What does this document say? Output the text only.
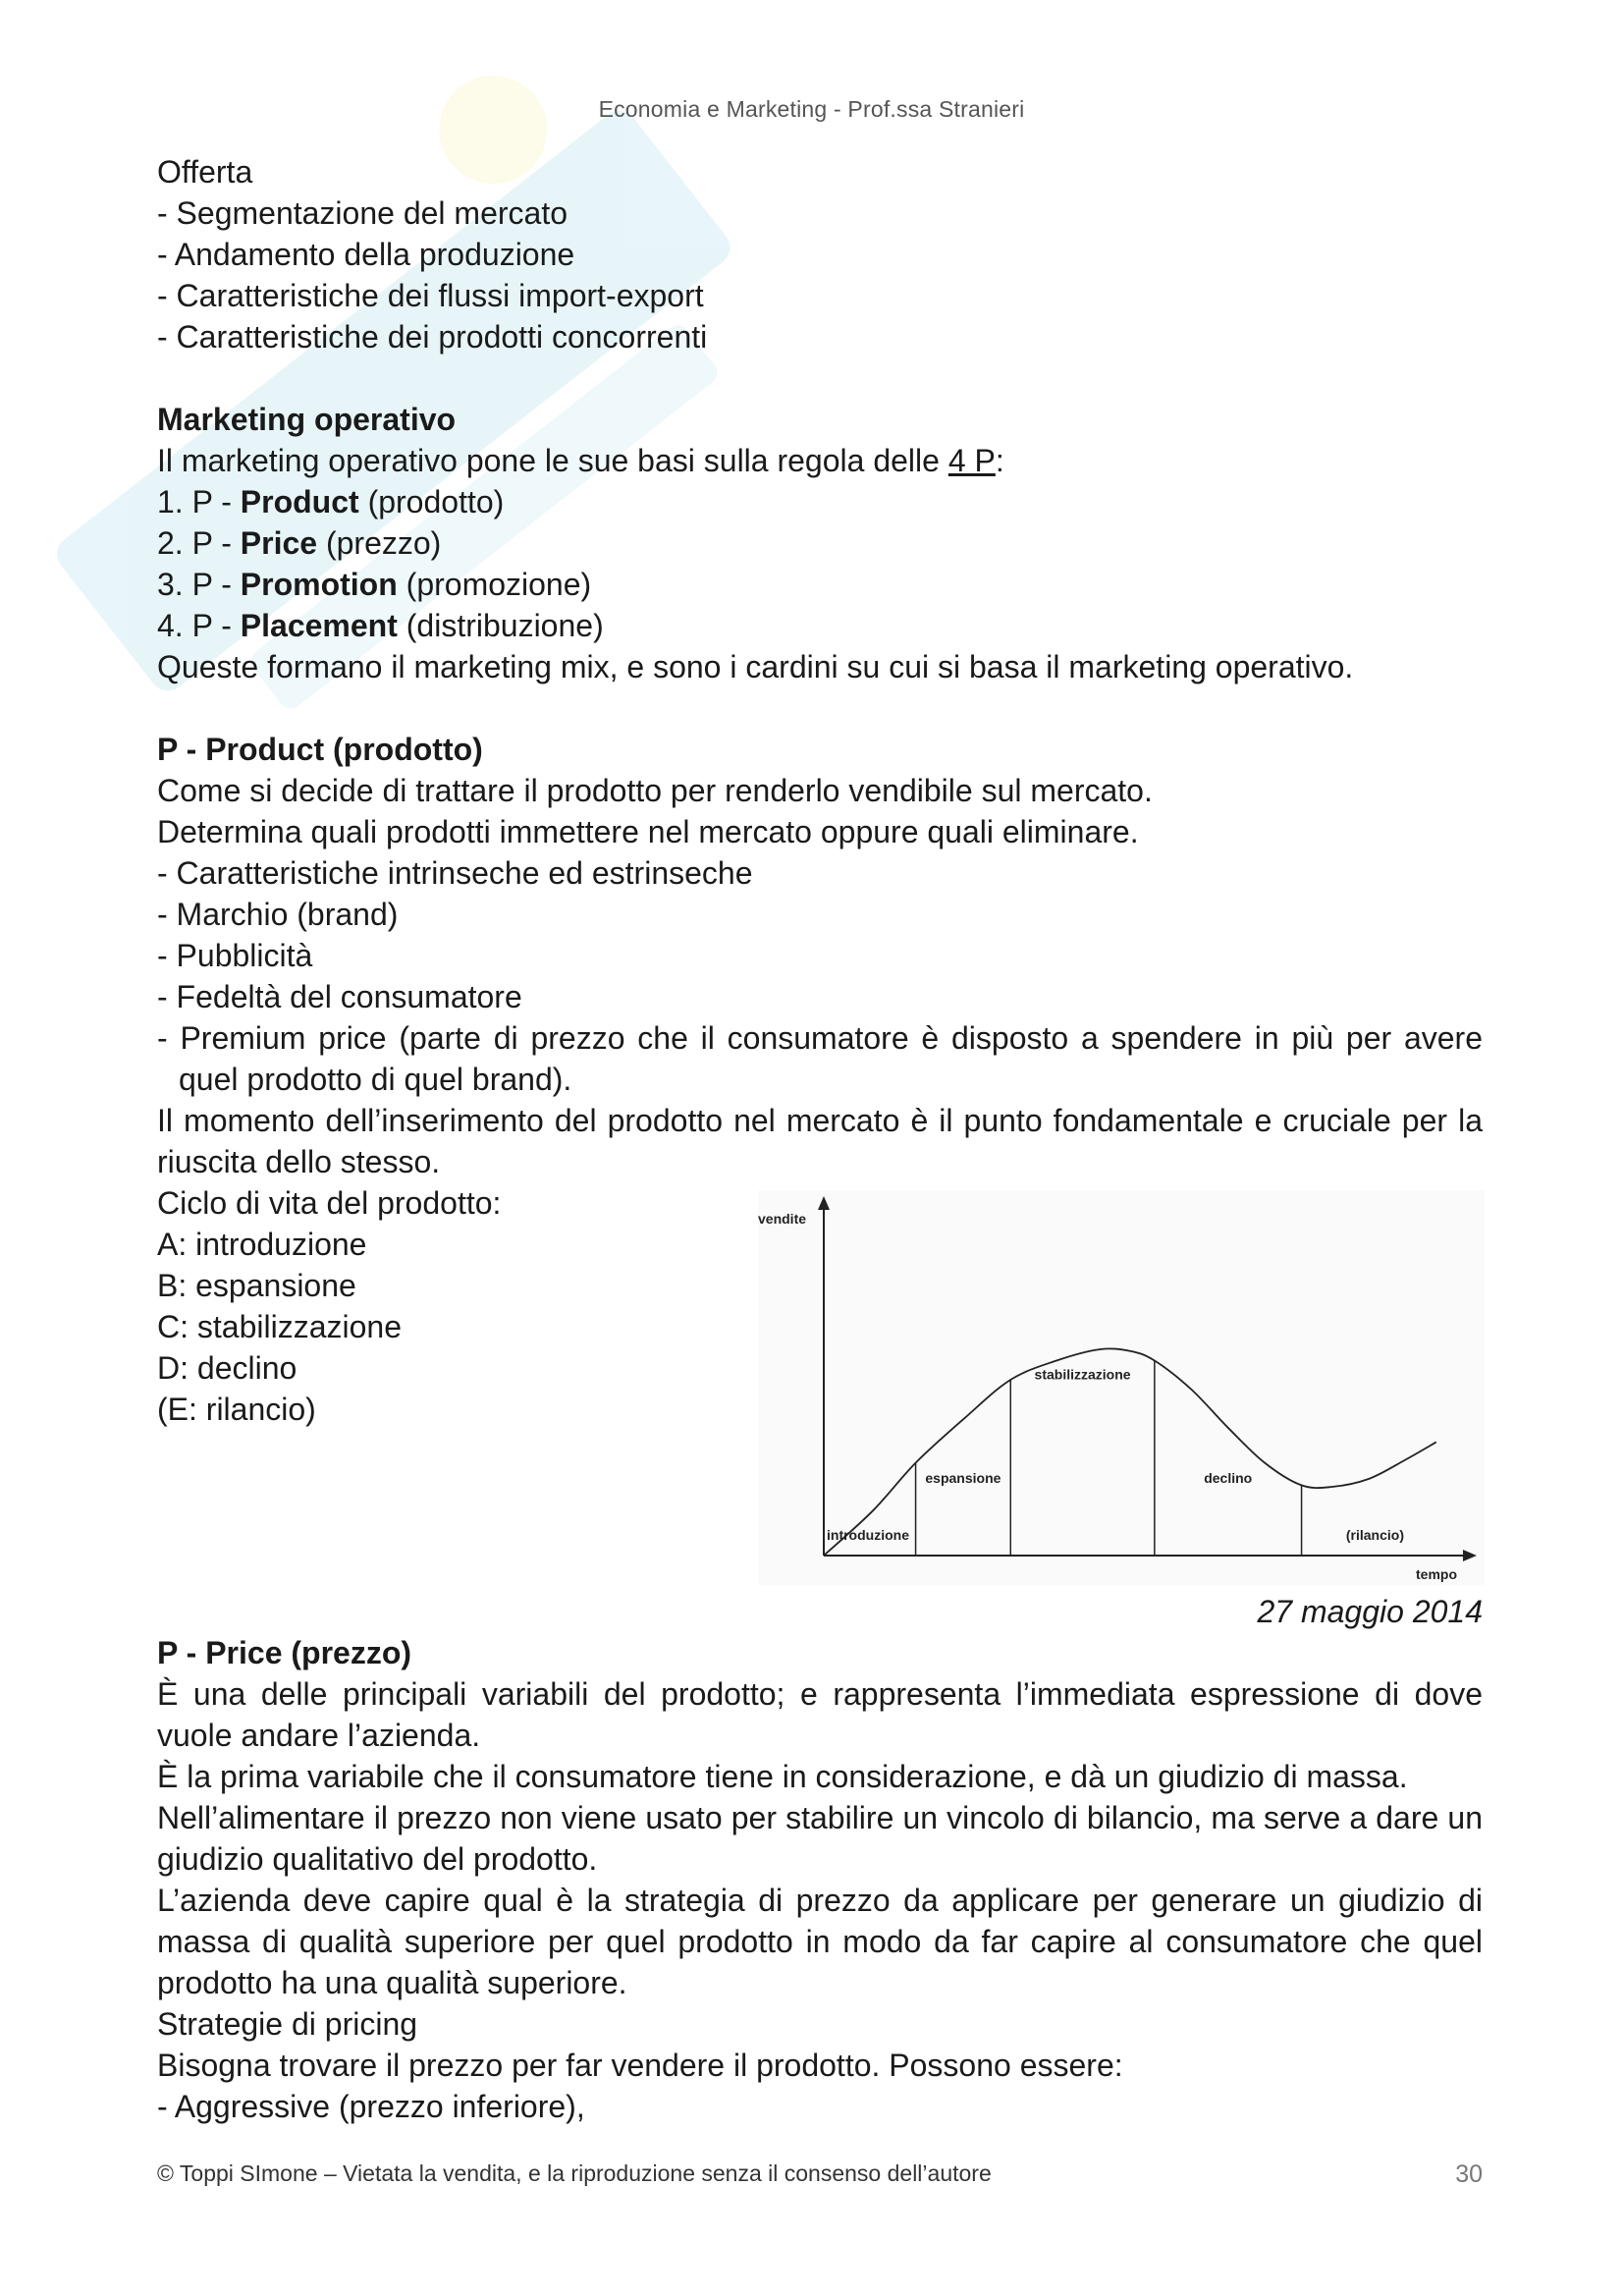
Economia e Marketing - Prof.ssa Stranieri

Offerta

- Segmentazione del mercato

- Andamento della produzione

- Caratteristiche dei flussi import-export

- Caratteristiche dei prodotti concorrenti

Marketing operativo

Il marketing operativo pone le sue basi sulla regola delle 4 P:

1. P - Product (prodotto)

2. P - Price (prezzo)

3. P - Promotion (promozione)

4. P - Placement (distribuzione)

Queste formano il marketing mix, e sono i cardini su cui si basa il marketing operativo.

P - Product (prodotto)

Come si decide di trattare il prodotto per renderlo vendibile sul mercato.

Determina quali prodotti immettere nel mercato oppure quali eliminare.

- Caratteristiche intrinseche ed estrinseche

- Marchio (brand)

- Pubblicità

- Fedeltà del consumatore

- Premium price (parte di prezzo che il consumatore è disposto a spendere in più per avere quel prodotto di quel brand).

Il momento dell’inserimento del prodotto nel mercato è il punto fondamentale e cruciale per la riuscita dello stesso.

Ciclo di vita del prodotto:

A: introduzione

B: espansione

C: stabilizzazione

D: declino

(E: rilancio)

vendite
tempo
introduzione
espansione
stabilizzazione
declino
(rilancio)

27 maggio 2014

P - Price (prezzo)

È una delle principali variabili del prodotto; e rappresenta l’immediata espressione di dove vuole andare l’azienda.

È la prima variabile che il consumatore tiene in considerazione, e dà un giudizio di massa.

Nell’alimentare il prezzo non viene usato per stabilire un vincolo di bilancio, ma serve a dare un giudizio qualitativo del prodotto.

L’azienda deve capire qual è la strategia di prezzo da applicare per generare un giudizio di massa di qualità superiore per quel prodotto in modo da far capire al consumatore che quel prodotto ha una qualità superiore.

Strategie di pricing

Bisogna trovare il prezzo per far vendere il prodotto. Possono essere:

- Aggressive (prezzo inferiore),

© Toppi SImone – Vietata la vendita, e la riproduzione senza il consenso dell’autore	30
